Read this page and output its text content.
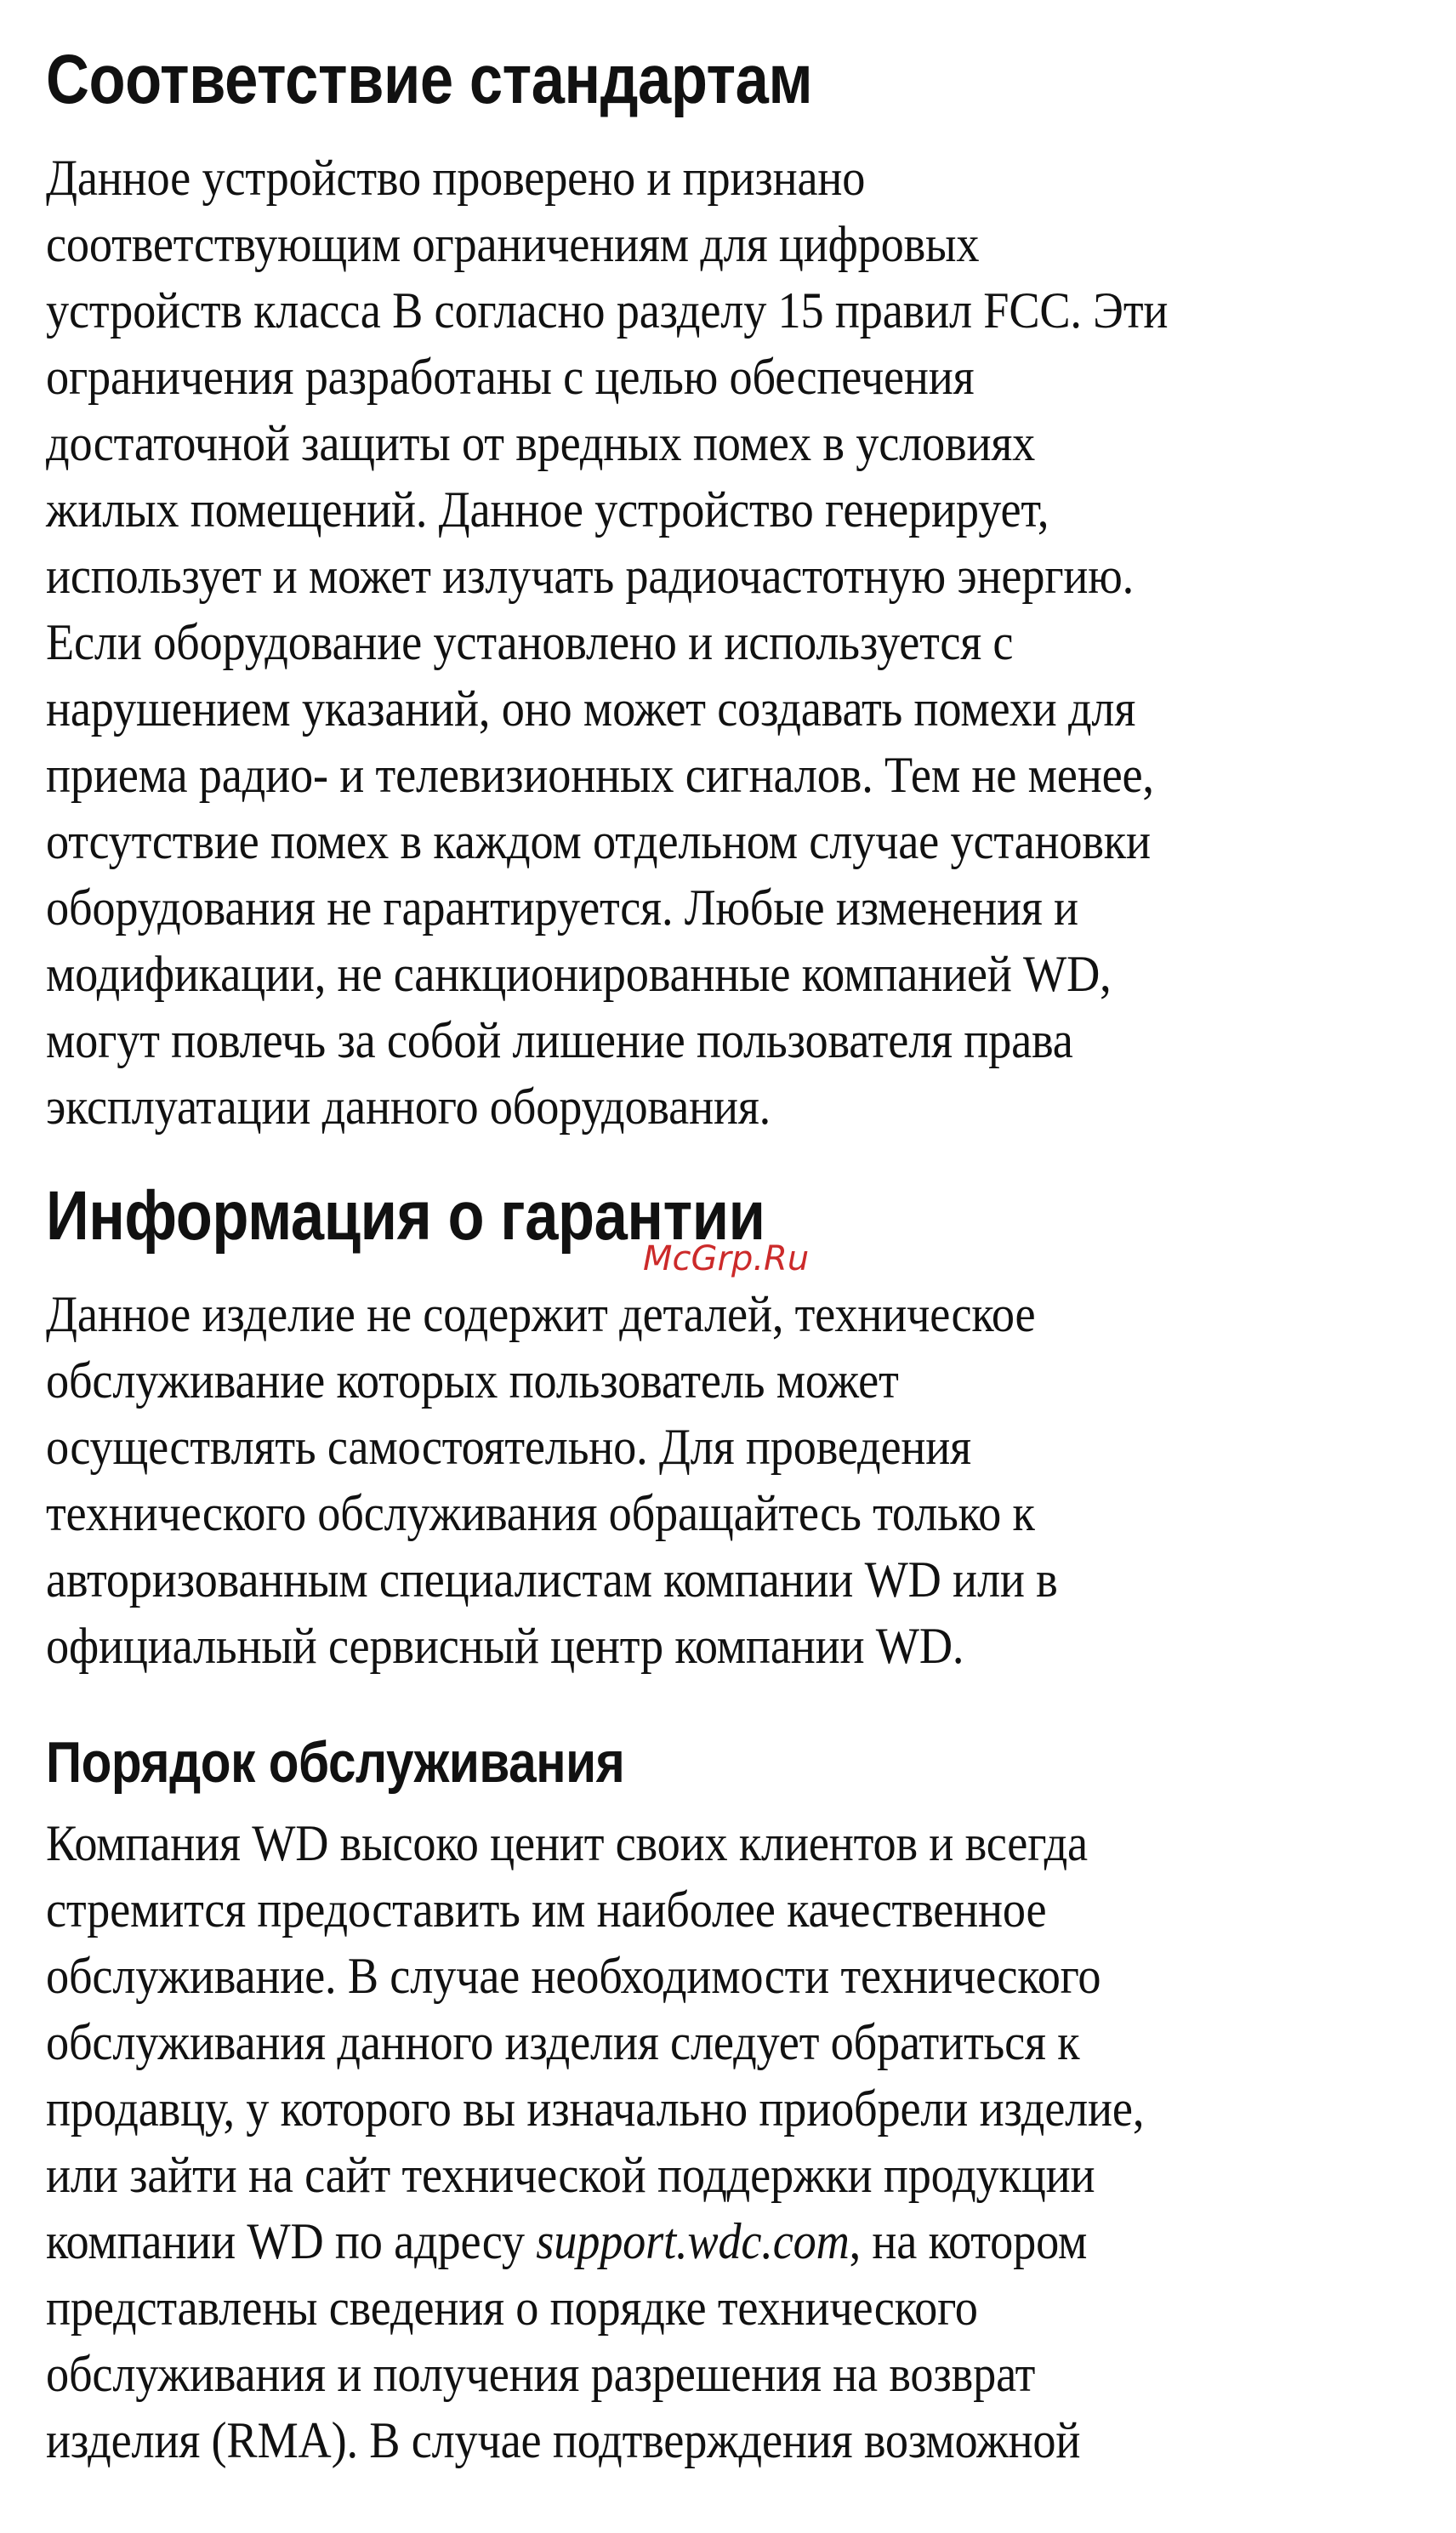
Соответствие стандартам
Данное устройство проверено и признано
соответствующим ограничениям для цифровых
устройств класса B согласно разделу 15 правил FCC. Эти
ограничения разработаны с целью обеспечения
достаточной защиты от вредных помех в условиях
жилых помещений. Данное устройство генерирует,
использует и может излучать радиочастотную энергию.
Если оборудование установлено и используется с
нарушением указаний, оно может создавать помехи для
приема радио- и телевизионных сигналов. Тем не менее,
отсутствие помех в каждом отдельном случае установки
оборудования не гарантируется. Любые изменения и
модификации, не санкционированные компанией WD,
могут повлечь за собой лишение пользователя права
эксплуатации данного оборудования.
Информация о гарантии
Данное изделие не содержит деталей, техническое
обслуживание которых пользователь может
осуществлять самостоятельно. Для проведения
технического обслуживания обращайтесь только к
авторизованным специалистам компании WD или в
официальный сервисный центр компании WD.
Порядок обслуживания
Компания WD высоко ценит своих клиентов и всегда
стремится предоставить им наиболее качественное
обслуживание. В случае необходимости технического
обслуживания данного изделия следует обратиться к
продавцу, у которого вы изначально приобрели изделие,
или зайти на сайт технической поддержки продукции
компании WD по адресу support.wdc.com, на котором
представлены сведения о порядке технического
обслуживания и получения разрешения на возврат
изделия (RMA). В случае подтверждения возможной
McGrp.Ru
